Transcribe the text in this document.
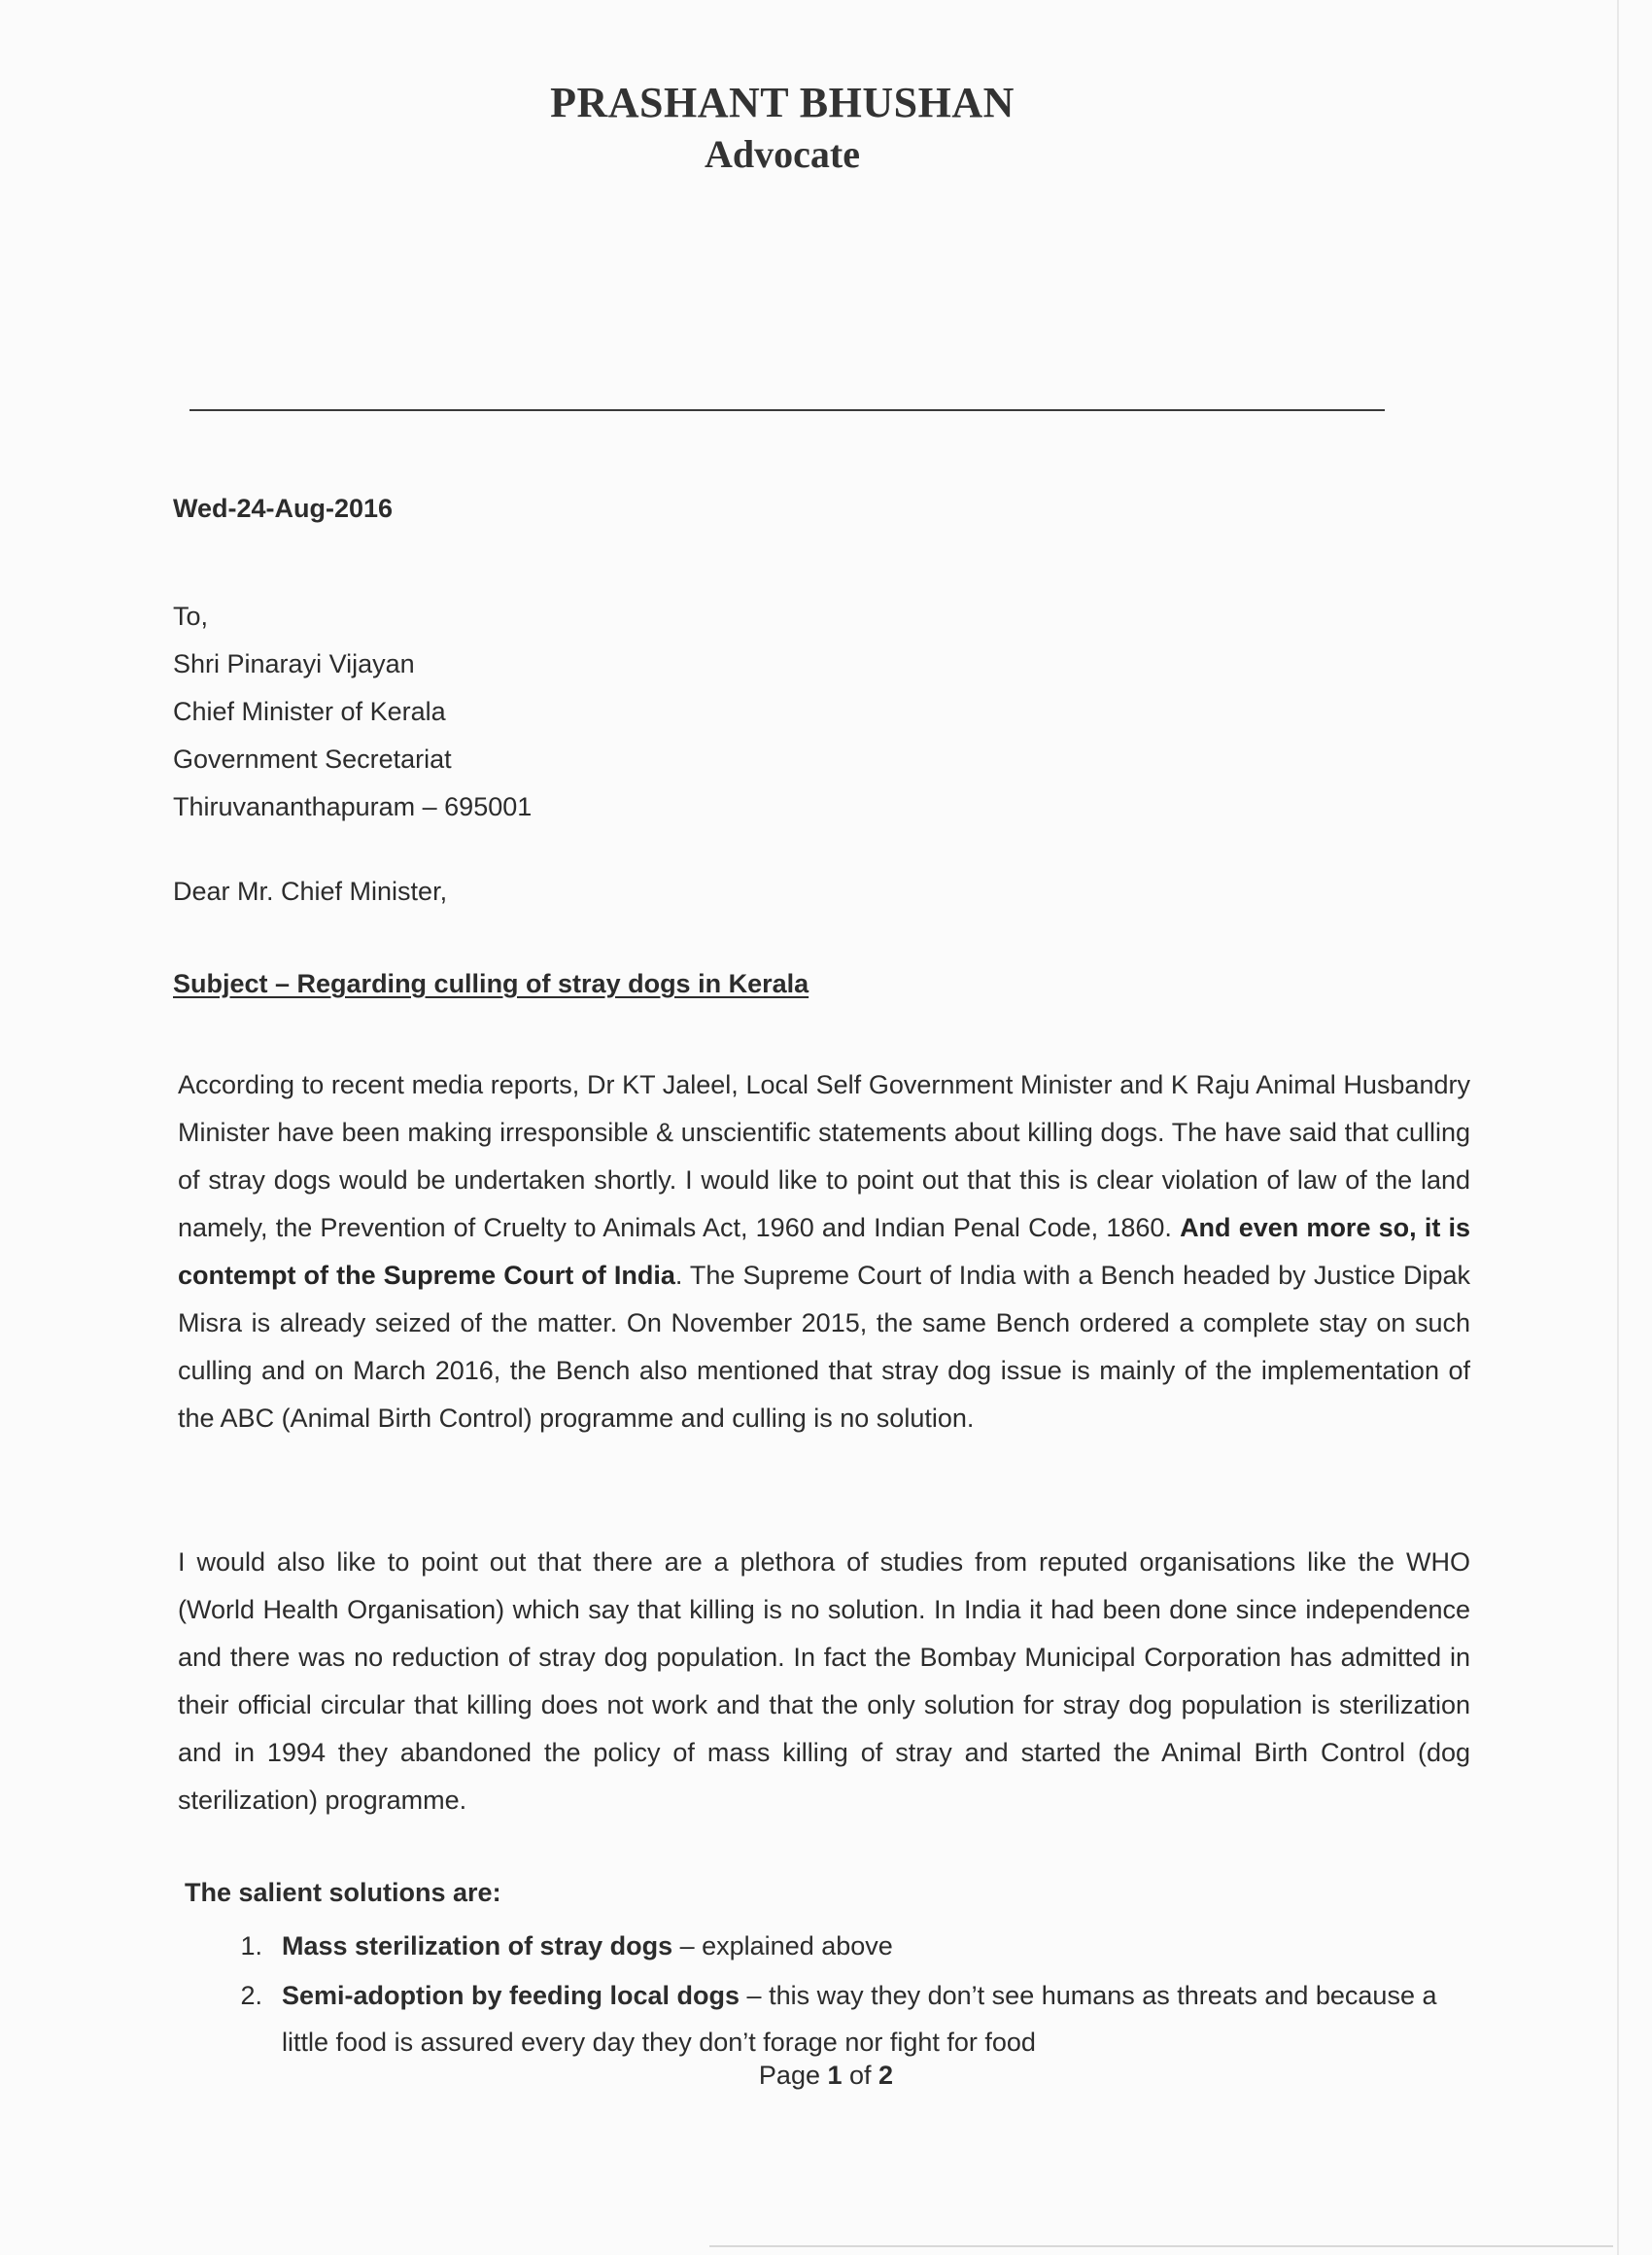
PRASHANT BHUSHAN
Advocate
Wed-24-Aug-2016
To,
Shri Pinarayi Vijayan
Chief Minister of Kerala
Government Secretariat
Thiruvananthapuram – 695001
Dear Mr. Chief Minister,
Subject – Regarding culling of stray dogs in Kerala
According to recent media reports, Dr KT Jaleel, Local Self Government Minister and K Raju Animal Husbandry Minister have been making irresponsible & unscientific statements about killing dogs. The have said that culling of stray dogs would be undertaken shortly. I would like to point out that this is clear violation of law of the land namely, the Prevention of Cruelty to Animals Act, 1960 and Indian Penal Code, 1860. And even more so, it is contempt of the Supreme Court of India. The Supreme Court of India with a Bench headed by Justice Dipak Misra is already seized of the matter. On November 2015, the same Bench ordered a complete stay on such culling and on March 2016, the Bench also mentioned that stray dog issue is mainly of the implementation of the ABC (Animal Birth Control) programme and culling is no solution.
I would also like to point out that there are a plethora of studies from reputed organisations like the WHO (World Health Organisation) which say that killing is no solution. In India it had been done since independence and there was no reduction of stray dog population. In fact the Bombay Municipal Corporation has admitted in their official circular that killing does not work and that the only solution for stray dog population is sterilization and in 1994 they abandoned the policy of mass killing of stray and started the Animal Birth Control (dog sterilization) programme.
The salient solutions are:
1. Mass sterilization of stray dogs – explained above
2. Semi-adoption by feeding local dogs – this way they don’t see humans as threats and because a little food is assured every day they don’t forage nor fight for food
Page 1 of 2
